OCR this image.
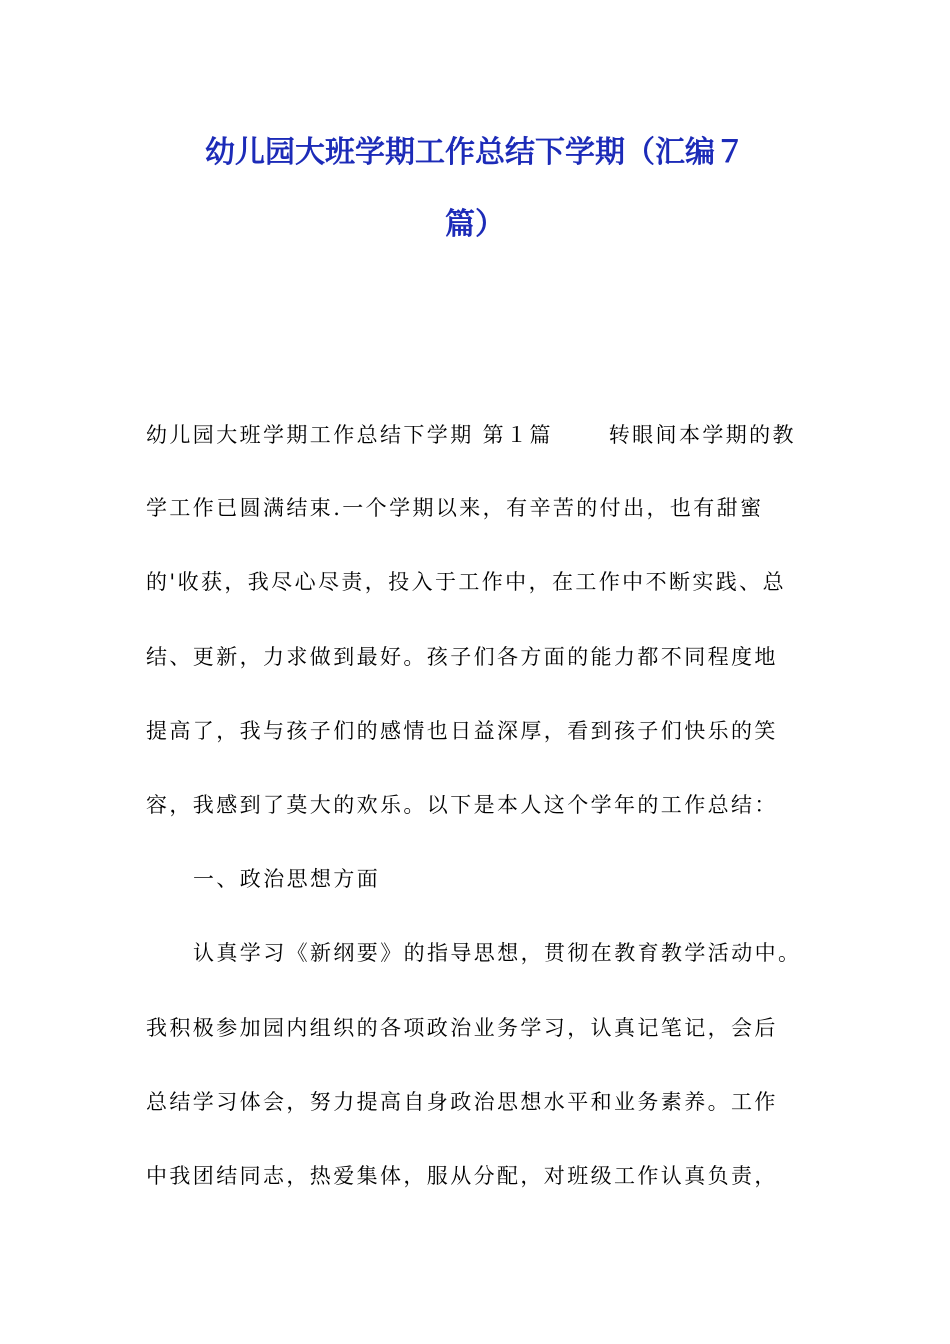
幼儿园大班学期工作总结下学期（汇编７
篇）
幼儿园大班学期工作总结下学期 第１篇　　 转眼间本学期的教
学工作已圆满结束.一个学期以来，有辛苦的付出，也有甜蜜
的'收获，我尽心尽责，投入于工作中，在工作中不断实践、总
结、更新，力求做到最好。孩子们各方面的能力都不同程度地
提高了，我与孩子们的感情也日益深厚，看到孩子们快乐的笑
容，我感到了莫大的欢乐。以下是本人这个学年的工作总结：
一、政治思想方面
认真学习《新纲要》的指导思想，贯彻在教育教学活动中。
我积极参加园内组织的各项政治业务学习，认真记笔记，会后
总结学习体会，努力提高自身政治思想水平和业务素养。工作
中我团结同志，热爱集体，服从分配，对班级工作认真负责，
